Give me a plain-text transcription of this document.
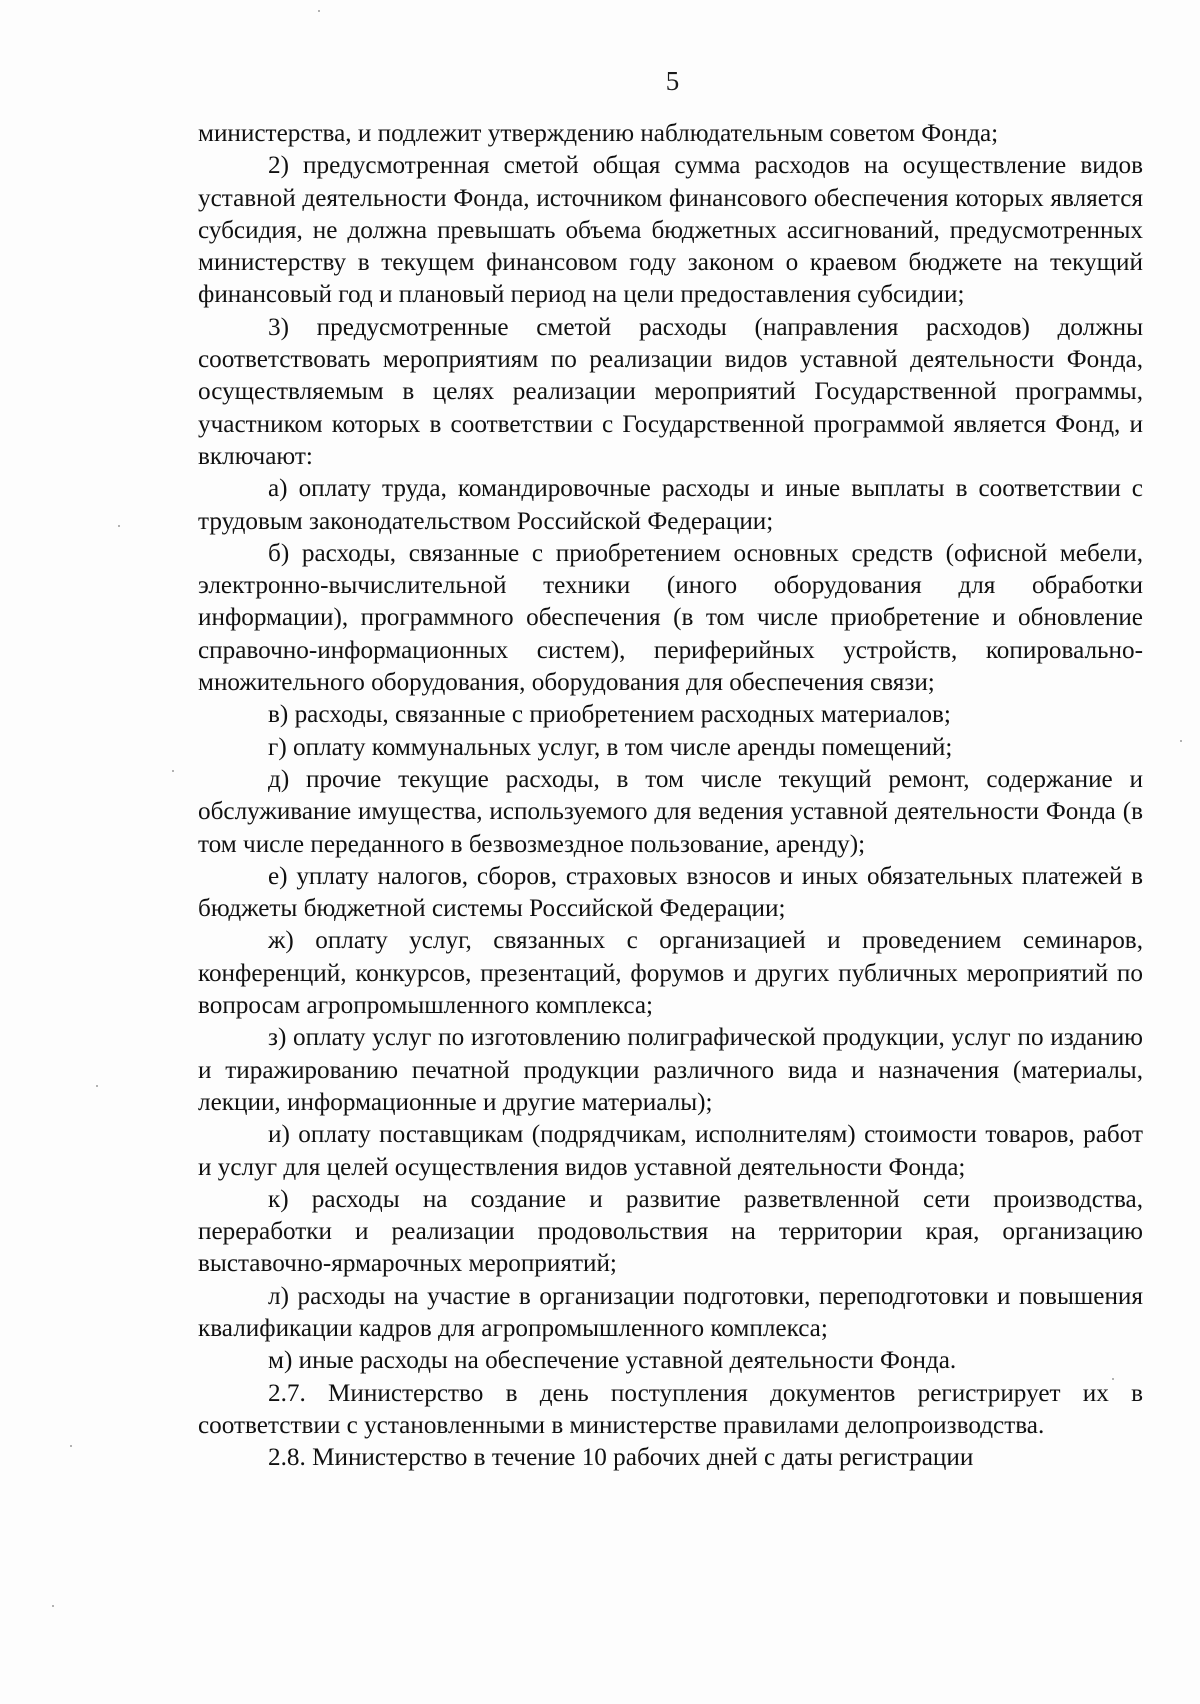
5

министерства, и подлежит утверждению наблюдательным советом Фонда;

2) предусмотренная сметой общая сумма расходов на осуществление видов уставной деятельности Фонда, источником финансового обеспечения которых является субсидия, не должна превышать объема бюджетных ассигнований, предусмотренных министерству в текущем финансовом году законом о краевом бюджете на текущий финансовый год и плановый период на цели предоставления субсидии;

3) предусмотренные сметой расходы (направления расходов) должны соответствовать мероприятиям по реализации видов уставной деятельности Фонда, осуществляемым в целях реализации мероприятий Государственной программы, участником которых в соответствии с Государственной программой является Фонд, и включают:

а) оплату труда, командировочные расходы и иные выплаты в соответствии с трудовым законодательством Российской Федерации;

б) расходы, связанные с приобретением основных средств (офисной мебели, электронно-вычислительной техники (иного оборудования для обработки информации), программного обеспечения (в том числе приобретение и обновление справочно-информационных систем), периферийных устройств, копировально-множительного оборудования, оборудования для обеспечения связи;

в) расходы, связанные с приобретением расходных материалов;

г) оплату коммунальных услуг, в том числе аренды помещений;

д) прочие текущие расходы, в том числе текущий ремонт, содержание и обслуживание имущества, используемого для ведения уставной деятельности Фонда (в том числе переданного в безвозмездное пользование, аренду);

е) уплату налогов, сборов, страховых взносов и иных обязательных платежей в бюджеты бюджетной системы Российской Федерации;

ж) оплату услуг, связанных с организацией и проведением семинаров, конференций, конкурсов, презентаций, форумов и других публичных мероприятий по вопросам агропромышленного комплекса;

з) оплату услуг по изготовлению полиграфической продукции, услуг по изданию и тиражированию печатной продукции различного вида и назначения (материалы, лекции, информационные и другие материалы);

и) оплату поставщикам (подрядчикам, исполнителям) стоимости товаров, работ и услуг для целей осуществления видов уставной деятельности Фонда;

к) расходы на создание и развитие разветвленной сети производства, переработки и реализации продовольствия на территории края, организацию выставочно-ярмарочных мероприятий;

л) расходы на участие в организации подготовки, переподготовки и повышения квалификации кадров для агропромышленного комплекса;

м) иные расходы на обеспечение уставной деятельности Фонда.

2.7. Министерство в день поступления документов регистрирует их в соответствии с установленными в министерстве правилами делопроизводства.

2.8. Министерство в течение 10 рабочих дней с даты регистрации
